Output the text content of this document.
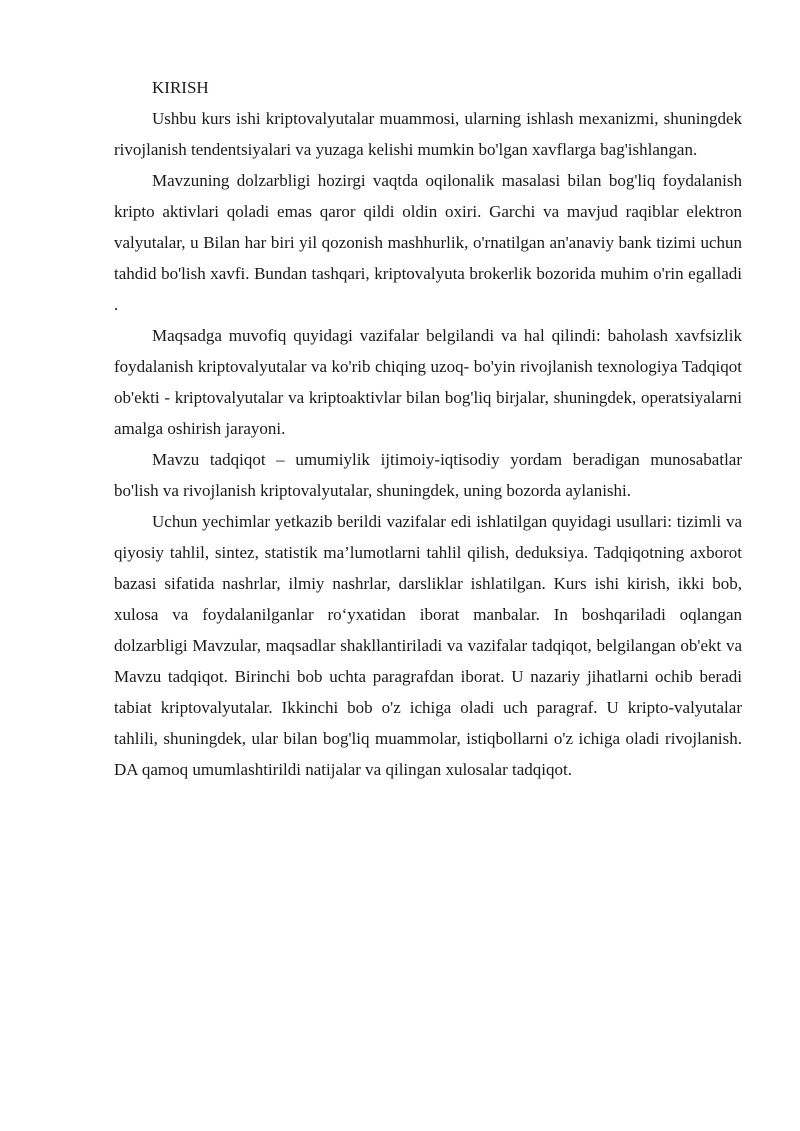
KIRISH

Ushbu kurs ishi kriptovalyutalar muammosi, ularning ishlash mexanizmi, shuningdek rivojlanish tendentsiyalari va yuzaga kelishi mumkin bo'lgan xavflarga bag'ishlangan.

Mavzuning dolzarbligi hozirgi vaqtda oqilonalik masalasi bilan bog'liq foydalanish kripto aktivlari qoladi emas qaror qildi oldin oxiri. Garchi va mavjud raqiblar elektron valyutalar, u Bilan har biri yil qozonish mashhurlik, o'rnatilgan an'anaviy bank tizimi uchun tahdid bo'lish xavfi. Bundan tashqari, kriptovalyuta brokerlik bozorida muhim o'rin egalladi .

Maqsadga muvofiq quyidagi vazifalar belgilandi va hal qilindi: baholash xavfsizlik foydalanish kriptovalyutalar va ko'rib chiqing uzoq- bo'yin rivojlanish texnologiya Tadqiqot ob'ekti - kriptovalyutalar va kriptoaktivlar bilan bog'liq birjalar, shuningdek, operatsiyalarni amalga oshirish jarayoni.

Mavzu tadqiqot – umumiylik ijtimoiy-iqtisodiy yordam beradigan munosabatlar bo'lish va rivojlanish kriptovalyutalar, shuningdek, uning bozorda aylanishi.

Uchun yechimlar yetkazib berildi vazifalar edi ishlatilgan quyidagi usullari: tizimli va qiyosiy tahlil, sintez, statistik ma’lumotlarni tahlil qilish, deduksiya. Tadqiqotning axborot bazasi sifatida nashrlar, ilmiy nashrlar, darsliklar ishlatilgan. Kurs ishi kirish, ikki bob, xulosa va foydalanilganlar ro‘yxatidan iborat manbalar. In boshqariladi oqlangan dolzarbligi Mavzular, maqsadlar shakllantiriladi va vazifalar tadqiqot, belgilangan ob'ekt va Mavzu tadqiqot. Birinchi bob uchta paragrafdan iborat. U nazariy jihatlarni ochib beradi tabiat kriptovalyutalar. Ikkinchi bob o'z ichiga oladi uch paragraf. U kripto-valyutalar tahlili, shuningdek, ular bilan bog'liq muammolar, istiqbollarni o'z ichiga oladi rivojlanish. DA qamoq umumlashtirildi natijalar va qilingan xulosalar tadqiqot.
